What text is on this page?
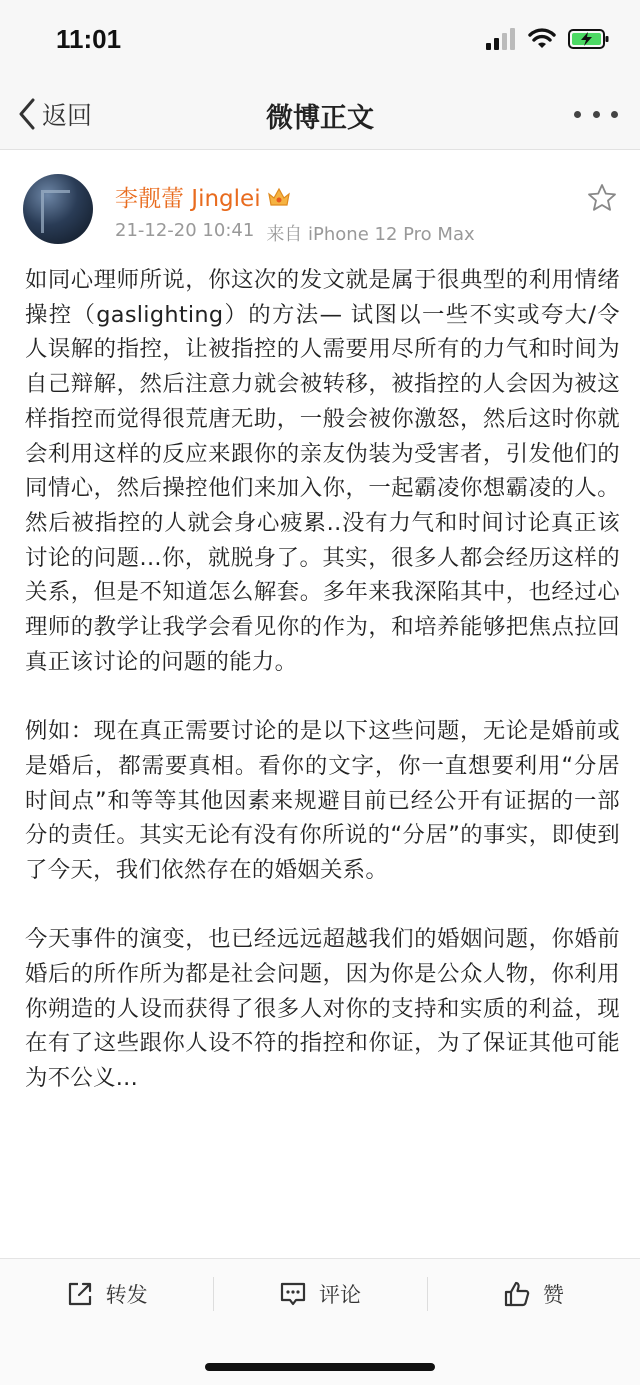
11:01
返回	微博正文
李靓蕾 Jinglei
21-12-20 10:41 来自 iPhone 12 Pro Max

如同心理师所说，你这次的发文就是属于很典型的利用情绪操控（gaslighting）的方法— 试图以一些不实或夸大/令人误解的指控，让被指控的人需要用尽所有的力气和时间为自己辩解，然后注意力就会被转移，被指控的人会因为被这样指控而觉得很荒唐无助，一般会被你激怒，然后这时你就会利用这样的反应来跟你的亲友伪装为受害者，引发他们的同情心，然后操控他们来加入你，一起霸凌你想霸凌的人。然后被指控的人就会身心疲累..没有力气和时间讨论真正该讨论的问题...你，就脱身了。其实，很多人都会经历这样的关系，但是不知道怎么解套。多年来我深陷其中，也经过心理师的教学让我学会看见你的作为，和培养能够把焦点拉回真正该讨论的问题的能力。

例如：现在真正需要讨论的是以下这些问题，无论是婚前或是婚后，都需要真相。看你的文字，你一直想要利用“分居时间点”和等等其他因素来规避目前已经公开有证据的一部分的责任。其实无论有没有你所说的“分居”的事实，即使到了今天，我们依然存在的婚姻关系。

今天事件的演变，也已经远远超越我们的婚姻问题，你婚前婚后的所作所为都是社会问题，因为你是公众人物，你利用你朔造的人设而获得了很多人对你的支持和实质的利益，现在有了这些跟你人设不符的指控和你证，为了保证其他可能为不公义...

转发	评论	赞
